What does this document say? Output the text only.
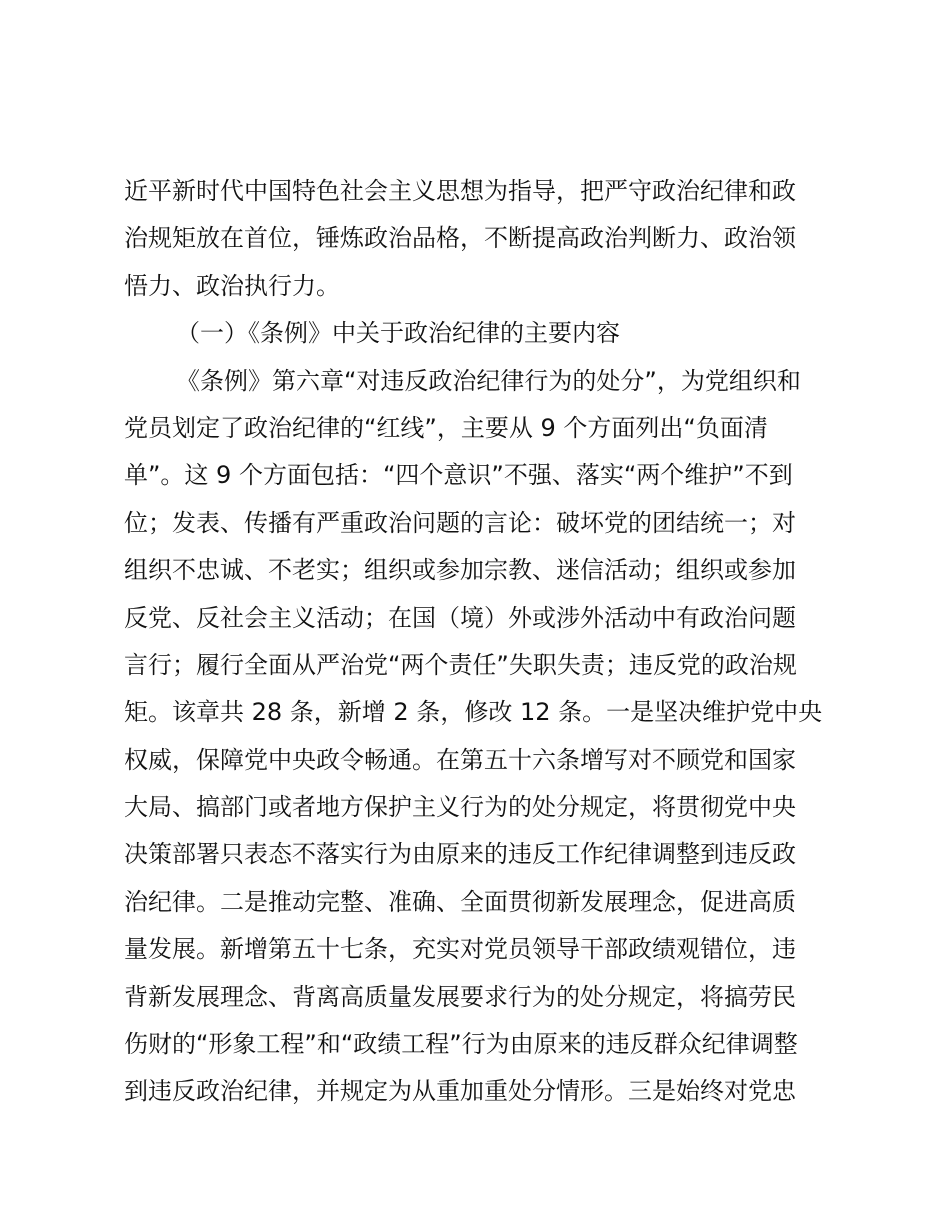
近平新时代中国特色社会主义思想为指导，把严守政治纪律和政
治规矩放在首位，锤炼政治品格，不断提高政治判断力、政治领
悟力、政治执行力。
（一）《条例》中关于政治纪律的主要内容
《条例》第六章“对违反政治纪律行为的处分”，为党组织和
党员划定了政治纪律的“红线”，主要从 9 个方面列出“负面清
单”。这 9 个方面包括：“四个意识”不强、落实“两个维护”不到
位；发表、传播有严重政治问题的言论：破坏党的团结统一；对
组织不忠诚、不老实；组织或参加宗教、迷信活动；组织或参加
反党、反社会主义活动；在国（境）外或涉外活动中有政治问题
言行；履行全面从严治党“两个责任”失职失责；违反党的政治规
矩。该章共 28 条，新增 2 条，修改 12 条。一是坚决维护党中央
权威，保障党中央政令畅通。在第五十六条增写对不顾党和国家
大局、搞部门或者地方保护主义行为的处分规定，将贯彻党中央
决策部署只表态不落实行为由原来的违反工作纪律调整到违反政
治纪律。二是推动完整、准确、全面贯彻新发展理念，促进高质
量发展。新增第五十七条，充实对党员领导干部政绩观错位，违
背新发展理念、背离高质量发展要求行为的处分规定，将搞劳民
伤财的“形象工程”和“政绩工程”行为由原来的违反群众纪律调整
到违反政治纪律，并规定为从重加重处分情形。三是始终对党忠
